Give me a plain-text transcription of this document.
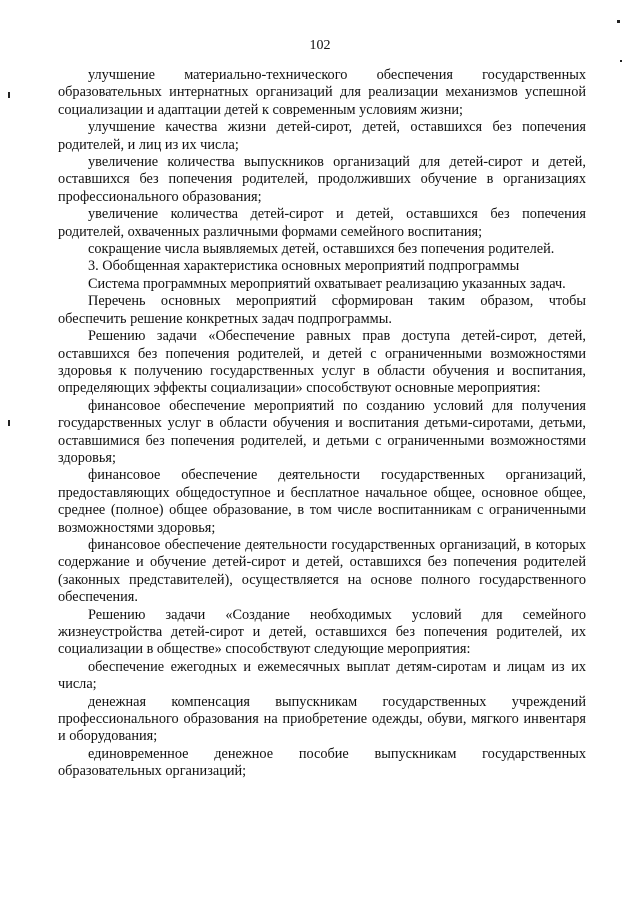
102

улучшение материально-технического обеспечения государственных образовательных интернатных организаций для реализации механизмов успешной социализации и адаптации детей к современным условиям жизни;

улучшение качества жизни детей-сирот, детей, оставшихся без попечения родителей, и лиц из их числа;

увеличение количества выпускников организаций для детей-сирот и детей, оставшихся без попечения родителей, продолживших обучение в организациях профессионального образования;

увеличение количества детей-сирот и детей, оставшихся без попечения родителей, охваченных различными формами семейного воспитания;

сокращение числа выявляемых детей, оставшихся без попечения родителей.

3. Обобщенная характеристика основных мероприятий подпрограммы

Система программных мероприятий охватывает реализацию указанных задач.

Перечень основных мероприятий сформирован таким образом, чтобы обеспечить решение конкретных задач подпрограммы.

Решению задачи «Обеспечение равных прав доступа детей-сирот, детей, оставшихся без попечения родителей, и детей с ограниченными возможностями здоровья к получению государственных услуг в области обучения и воспитания, определяющих эффекты социализации» способствуют основные мероприятия:

финансовое обеспечение мероприятий по созданию условий для получения государственных услуг в области обучения и воспитания детьми-сиротами, детьми, оставшимися без попечения родителей, и детьми с ограниченными возможностями здоровья;

финансовое обеспечение деятельности государственных организаций, предоставляющих общедоступное и бесплатное начальное общее, основное общее, среднее (полное) общее образование, в том числе воспитанникам с ограниченными возможностями здоровья;

финансовое обеспечение деятельности государственных организаций, в которых содержание и обучение детей-сирот и детей, оставшихся без попечения родителей (законных представителей), осуществляется на основе полного государственного обеспечения.

Решению задачи «Создание необходимых условий для семейного жизнеустройства детей-сирот и детей, оставшихся без попечения родителей, их социализации в обществе» способствуют следующие мероприятия:

обеспечение ежегодных и ежемесячных выплат детям-сиротам и лицам из их числа;

денежная компенсация выпускникам государственных учреждений профессионального образования на приобретение одежды, обуви, мягкого инвентаря и оборудования;

единовременное денежное пособие выпускникам государственных образовательных организаций;
